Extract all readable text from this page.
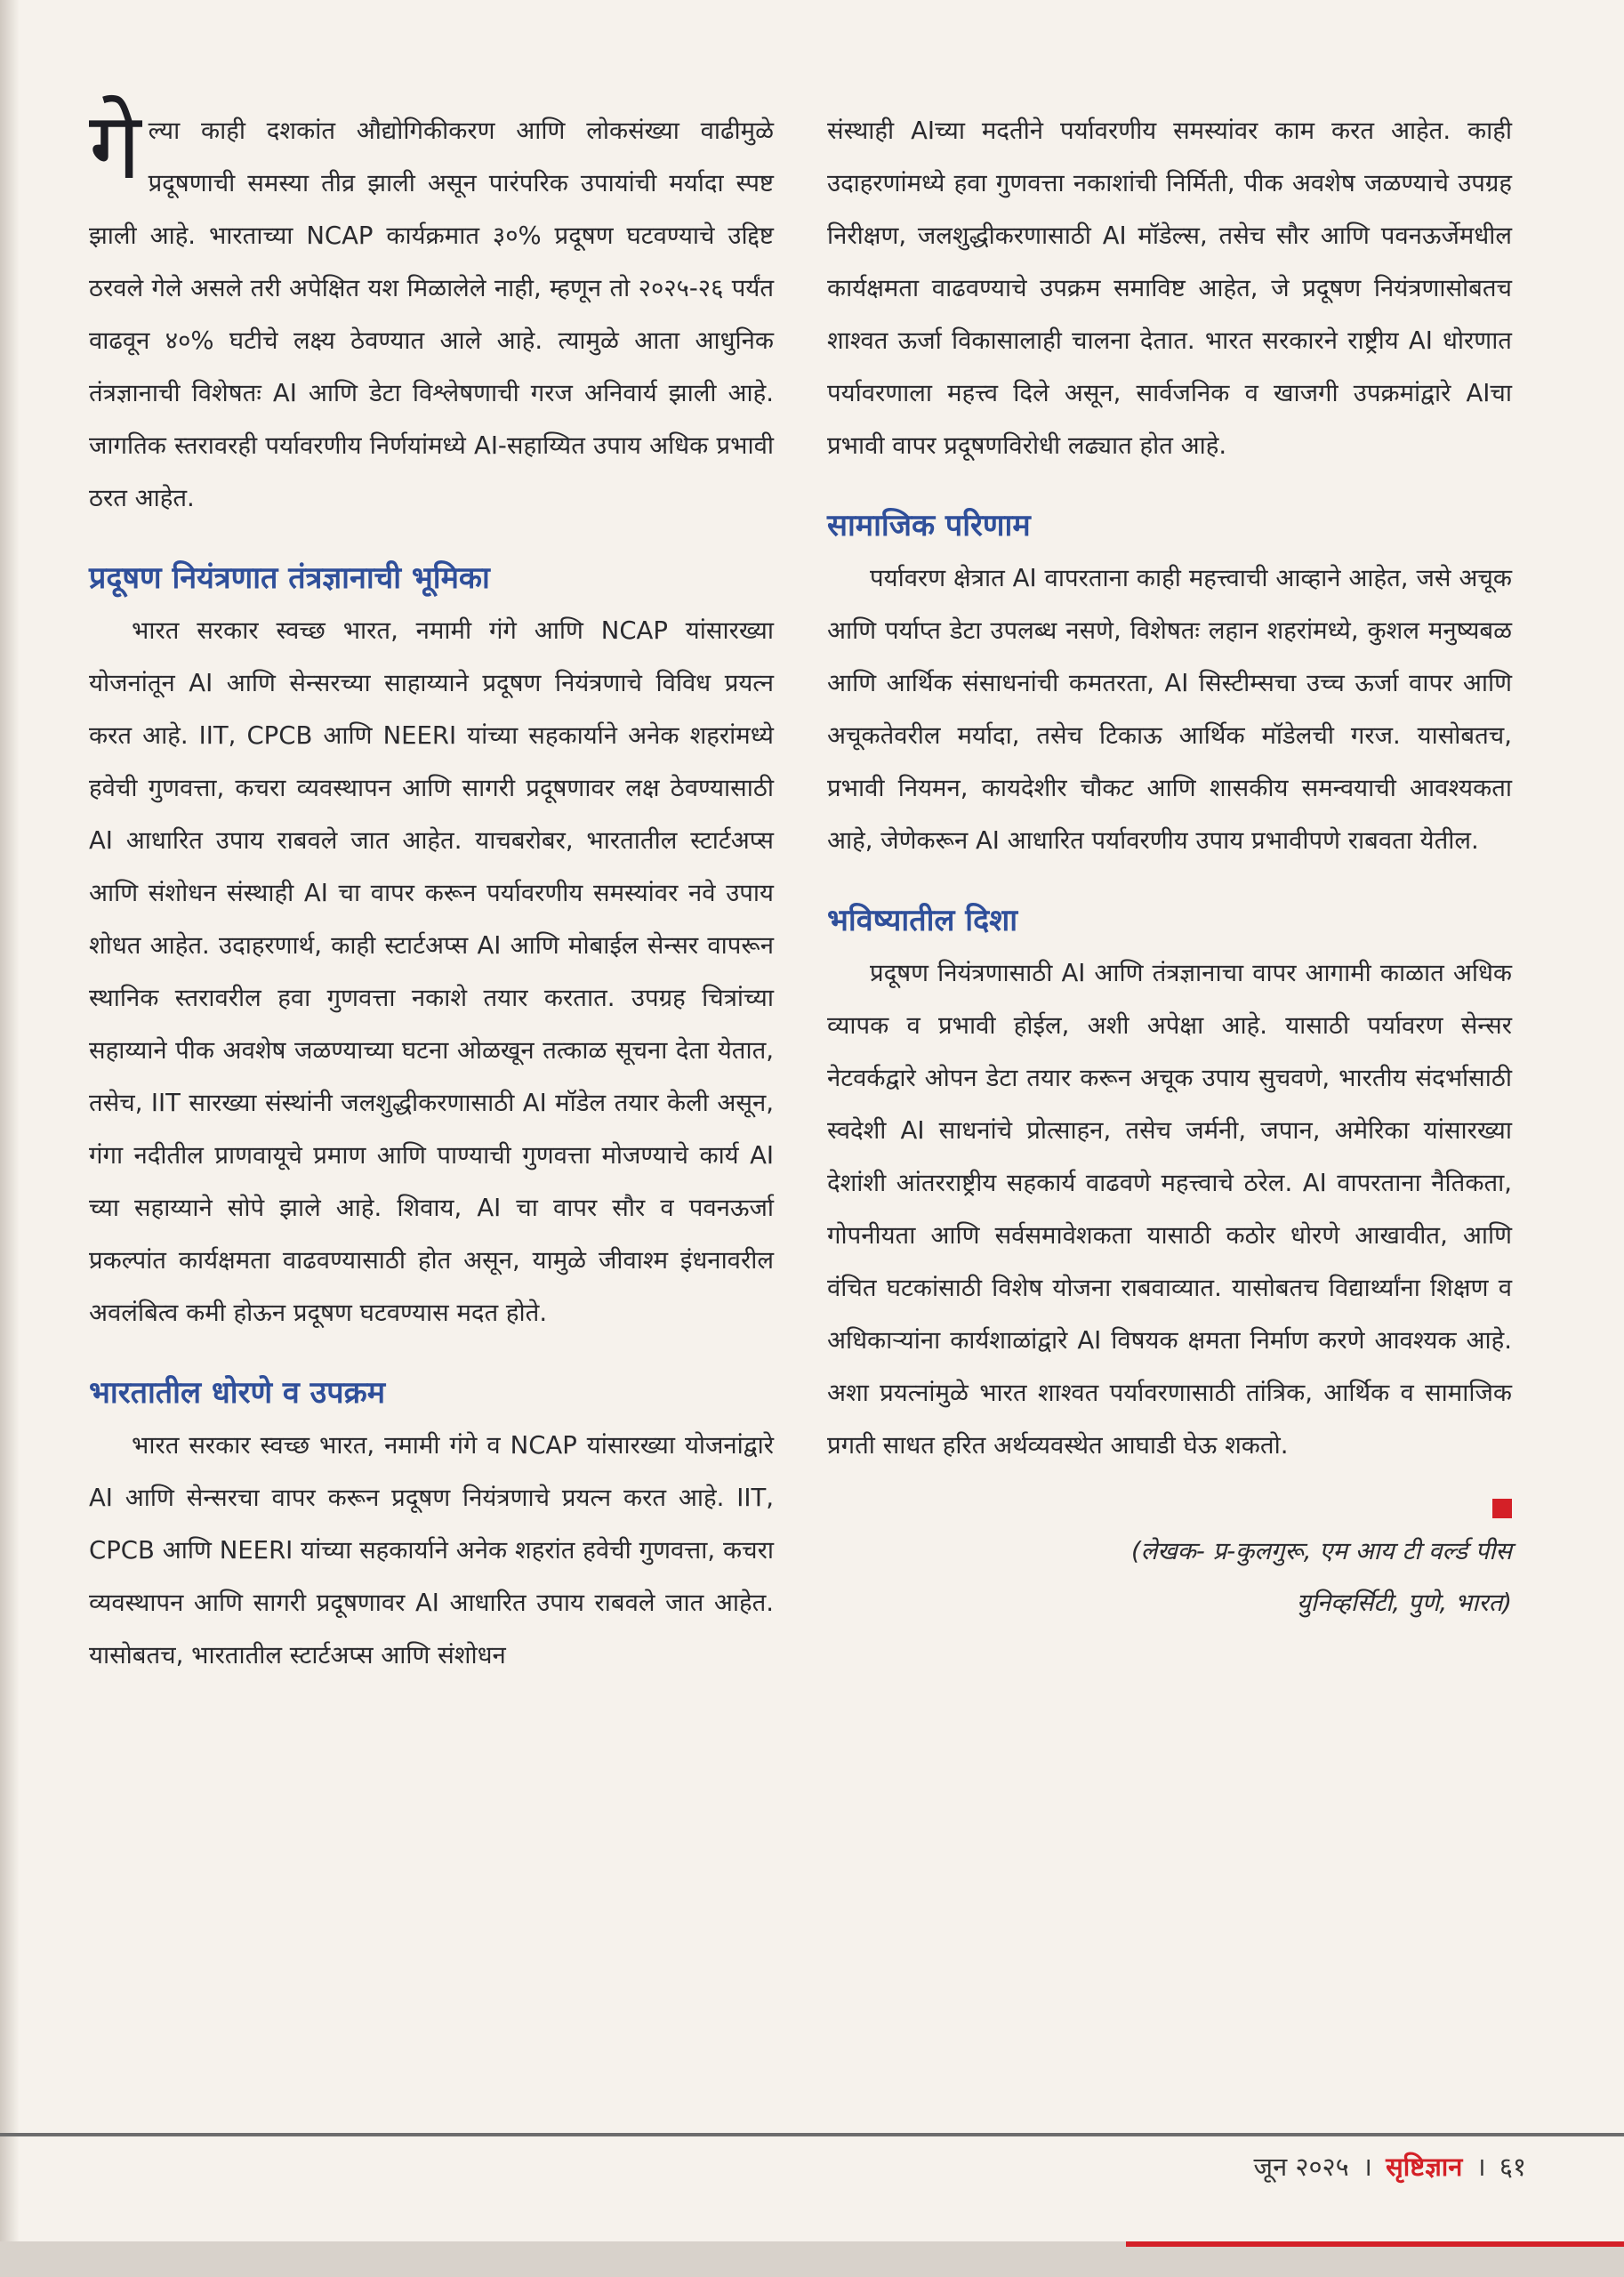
गेल्या काही दशकांत औद्योगिकीकरण आणि लोकसंख्या वाढीमुळे प्रदूषणाची समस्या तीव्र झाली असून पारंपरिक उपायांची मर्यादा स्पष्ट झाली आहे. भारताच्या NCAP कार्यक्रमात ३०% प्रदूषण घटवण्याचे उद्दिष्ट ठरवले गेले असले तरी अपेक्षित यश मिळालेले नाही, म्हणून तो २०२५-२६ पर्यंत वाढवून ४०% घटीचे लक्ष्य ठेवण्यात आले आहे. त्यामुळे आता आधुनिक तंत्रज्ञानाची विशेषतः AI आणि डेटा विश्लेषणाची गरज अनिवार्य झाली आहे. जागतिक स्तरावरही पर्यावरणीय निर्णयांमध्ये AI-सहाय्यित उपाय अधिक प्रभावी ठरत आहेत.

प्रदूषण नियंत्रणात तंत्रज्ञानाची भूमिका

भारत सरकार स्वच्छ भारत, नमामी गंगे आणि NCAP यांसारख्या योजनांतून AI आणि सेन्सरच्या साहाय्याने प्रदूषण नियंत्रणाचे विविध प्रयत्न करत आहे. IIT, CPCB आणि NEERI यांच्या सहकार्याने अनेक शहरांमध्ये हवेची गुणवत्ता, कचरा व्यवस्थापन आणि सागरी प्रदूषणावर लक्ष ठेवण्यासाठी AI आधारित उपाय राबवले जात आहेत. याचबरोबर, भारतातील स्टार्टअप्स आणि संशोधन संस्थाही AI चा वापर करून पर्यावरणीय समस्यांवर नवे उपाय शोधत आहेत. उदाहरणार्थ, काही स्टार्टअप्स AI आणि मोबाईल सेन्सर वापरून स्थानिक स्तरावरील हवा गुणवत्ता नकाशे तयार करतात. उपग्रह चित्रांच्या सहाय्याने पीक अवशेष जळण्याच्या घटना ओळखून तत्काळ सूचना देता येतात, तसेच, IIT सारख्या संस्थांनी जलशुद्धीकरणासाठी AI मॉडेल तयार केली असून, गंगा नदीतील प्राणवायूचे प्रमाण आणि पाण्याची गुणवत्ता मोजण्याचे कार्य AI च्या सहाय्याने सोपे झाले आहे. शिवाय, AI चा वापर सौर व पवनऊर्जा प्रकल्पांत कार्यक्षमता वाढवण्यासाठी होत असून, यामुळे जीवाश्म इंधनावरील अवलंबित्व कमी होऊन प्रदूषण घटवण्यास मदत होते.

भारतातील धोरणे व उपक्रम

भारत सरकार स्वच्छ भारत, नमामी गंगे व NCAP यांसारख्या योजनांद्वारे AI आणि सेन्सरचा वापर करून प्रदूषण नियंत्रणाचे प्रयत्न करत आहे. IIT, CPCB आणि NEERI यांच्या सहकार्याने अनेक शहरांत हवेची गुणवत्ता, कचरा व्यवस्थापन आणि सागरी प्रदूषणावर AI आधारित उपाय राबवले जात आहेत. यासोबतच, भारतातील स्टार्टअप्स आणि संशोधन

संस्थाही AIच्या मदतीने पर्यावरणीय समस्यांवर काम करत आहेत. काही उदाहरणांमध्ये हवा गुणवत्ता नकाशांची निर्मिती, पीक अवशेष जळण्याचे उपग्रह निरीक्षण, जलशुद्धीकरणासाठी AI मॉडेल्स, तसेच सौर आणि पवनऊर्जेमधील कार्यक्षमता वाढवण्याचे उपक्रम समाविष्ट आहेत, जे प्रदूषण नियंत्रणासोबतच शाश्वत ऊर्जा विकासालाही चालना देतात. भारत सरकारने राष्ट्रीय AI धोरणात पर्यावरणाला महत्त्व दिले असून, सार्वजनिक व खाजगी उपक्रमांद्वारे AIचा प्रभावी वापर प्रदूषणविरोधी लढ्यात होत आहे.

सामाजिक परिणाम

पर्यावरण क्षेत्रात AI वापरताना काही महत्त्वाची आव्हाने आहेत, जसे अचूक आणि पर्याप्त डेटा उपलब्ध नसणे, विशेषतः लहान शहरांमध्ये, कुशल मनुष्यबळ आणि आर्थिक संसाधनांची कमतरता, AI सिस्टीम्सचा उच्च ऊर्जा वापर आणि अचूकतेवरील मर्यादा, तसेच टिकाऊ आर्थिक मॉडेलची गरज. यासोबतच, प्रभावी नियमन, कायदेशीर चौकट आणि शासकीय समन्वयाची आवश्यकता आहे, जेणेकरून AI आधारित पर्यावरणीय उपाय प्रभावीपणे राबवता येतील.

भविष्यातील दिशा

प्रदूषण नियंत्रणासाठी AI आणि तंत्रज्ञानाचा वापर आगामी काळात अधिक व्यापक व प्रभावी होईल, अशी अपेक्षा आहे. यासाठी पर्यावरण सेन्सर नेटवर्कद्वारे ओपन डेटा तयार करून अचूक उपाय सुचवणे, भारतीय संदर्भासाठी स्वदेशी AI साधनांचे प्रोत्साहन, तसेच जर्मनी, जपान, अमेरिका यांसारख्या देशांशी आंतरराष्ट्रीय सहकार्य वाढवणे महत्त्वाचे ठरेल. AI वापरताना नैतिकता, गोपनीयता आणि सर्वसमावेशकता यासाठी कठोर धोरणे आखावीत, आणि वंचित घटकांसाठी विशेष योजना राबवाव्यात. यासोबतच विद्यार्थ्यांना शिक्षण व अधिकाऱ्यांना कार्यशाळांद्वारे AI विषयक क्षमता निर्माण करणे आवश्यक आहे. अशा प्रयत्नांमुळे भारत शाश्वत पर्यावरणासाठी तांत्रिक, आर्थिक व सामाजिक प्रगती साधत हरित अर्थव्यवस्थेत आघाडी घेऊ शकतो.

(लेखक- प्र-कुलगुरू, एम आय टी वर्ल्ड पीस
युनिव्हर्सिटी, पुणे, भारत)
जून २०२५ । सृष्टिज्ञान । ६१
